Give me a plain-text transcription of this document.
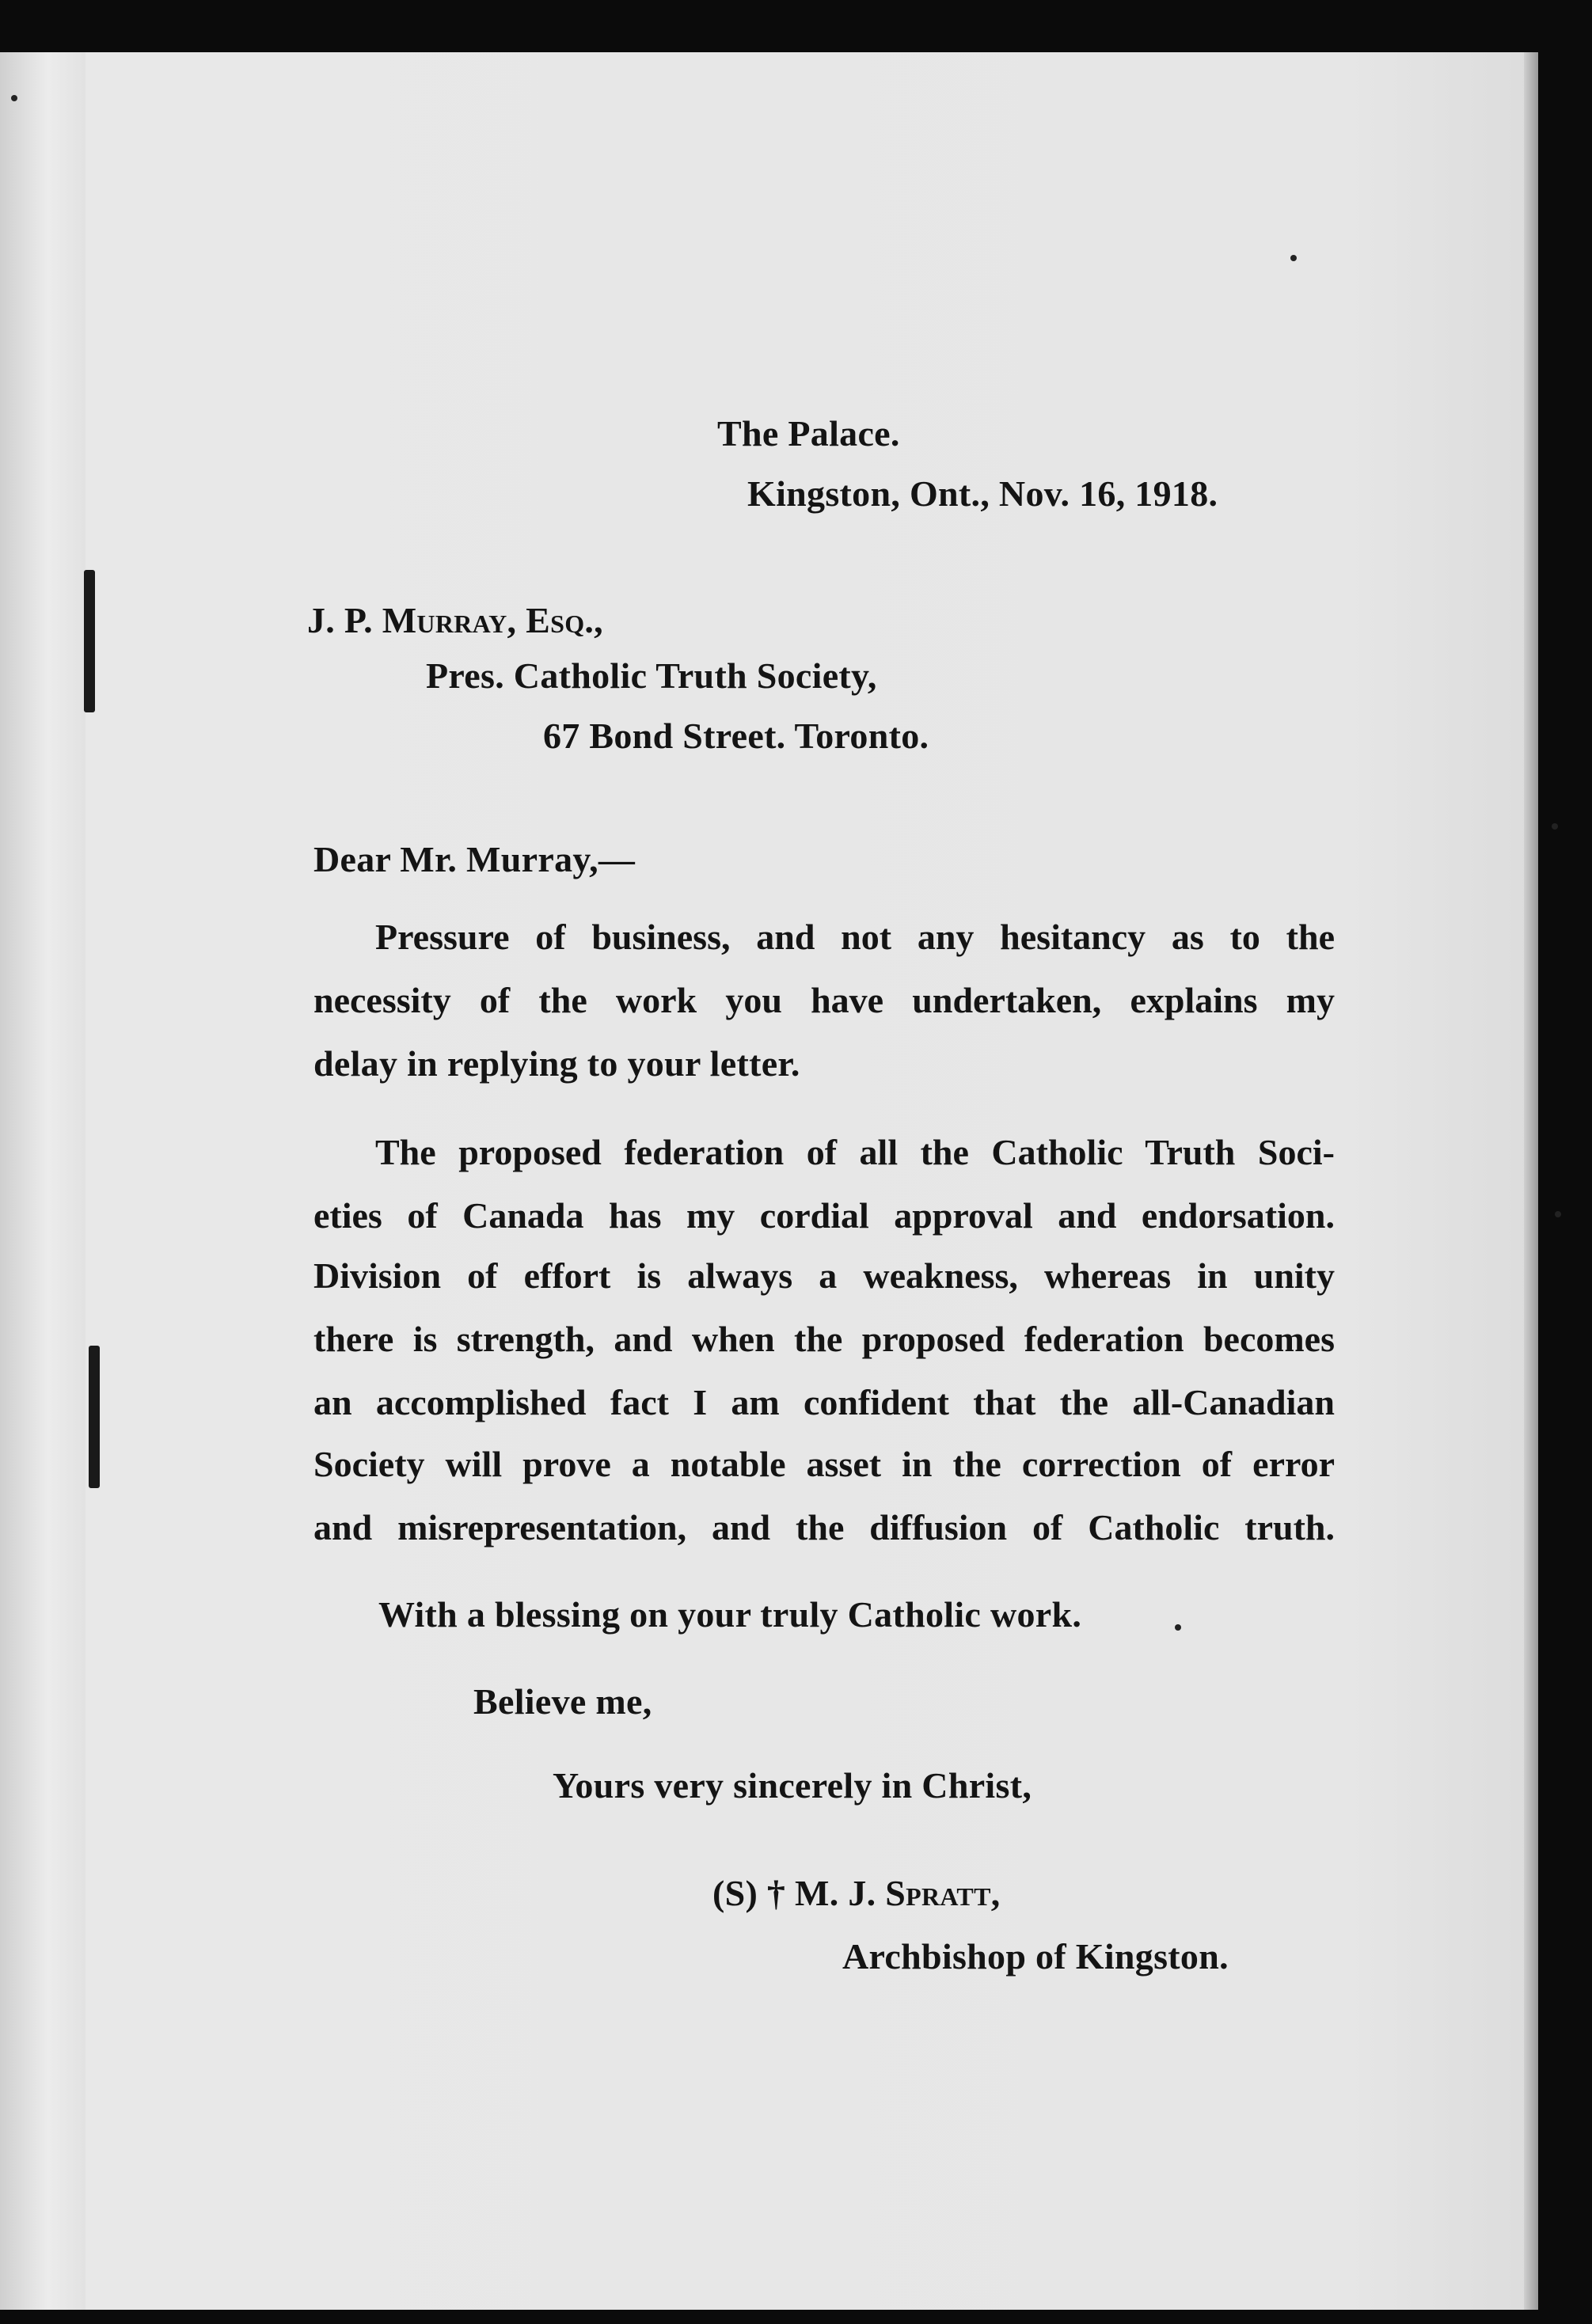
The Palace.
Kingston, Ont., Nov. 16, 1918.
J. P. Murray, Esq.,
Pres. Catholic Truth Society,
67 Bond Street. Toronto.
Dear Mr. Murray,—
Pressure of business, and not any hesitancy as to the
necessity of the work you have undertaken, explains my
delay in replying to your letter.
The proposed federation of all the Catholic Truth Soci-
eties of Canada has my cordial approval and endorsation.
Division of effort is always a weakness, whereas in unity
there is strength, and when the proposed federation becomes
an accomplished fact I am confident that the all-Canadian
Society will prove a notable asset in the correction of error
and misrepresentation, and the diffusion of Catholic truth.
With a blessing on your truly Catholic work.
Believe me,
Yours very sincerely in Christ,
(S) † M. J. Spratt,
Archbishop of Kingston.
